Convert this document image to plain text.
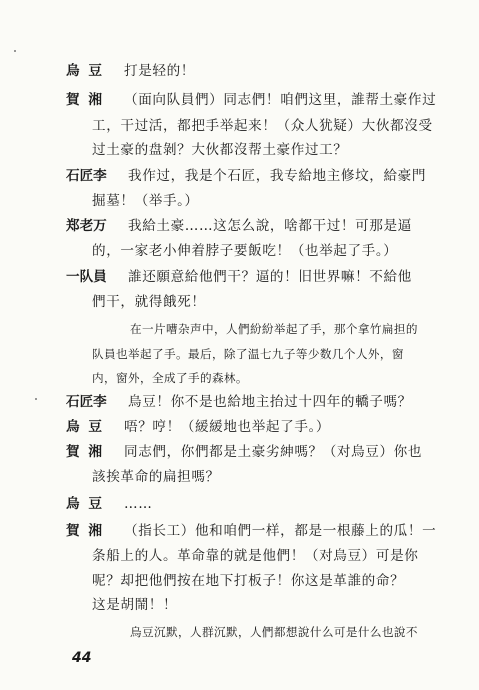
烏 豆 打是轻的！
賀 湘 （面向队員們）同志們！咱們这里，誰帮土豪作过
工，干过活，都把手举起来！（众人犹疑）大伙都沒受
过土豪的盘剝？大伙都沒帮土豪作过工？
石匠李 我作过，我是个石匠，我专給地主修坟，給豪門
掘墓！（举手。）
郑老万 我給土豪……这怎么說，啥都干过！可那是逼
的，一家老小伸着脖子要飯吃！（也举起了手。）
一队員 誰还願意給他們干？逼的！旧世界嘛！不給他
們干，就得餓死！
在一片嘈杂声中，人們紛紛举起了手，那个拿竹扁担的
队員也举起了手。最后，除了温七九子等少数几个人外，窗
内，窗外，全成了手的森林。
石匠李 烏豆！你不是也給地主抬过十四年的轎子嗎？
烏 豆 唔？哼！（緩緩地也举起了手。）
賀 湘 同志們，你們都是土豪劣紳嗎？（对烏豆）你也
該挨革命的扁担嗎？
烏 豆 ……
賀 湘 （指长工）他和咱們一样，都是一根藤上的瓜！一
条船上的人。革命靠的就是他們！（对烏豆）可是你
呢？却把他們按在地下打板子！你这是革誰的命？
这是胡鬧！！
烏豆沉默，人群沉默，人們都想說什么可是什么也說不
44
